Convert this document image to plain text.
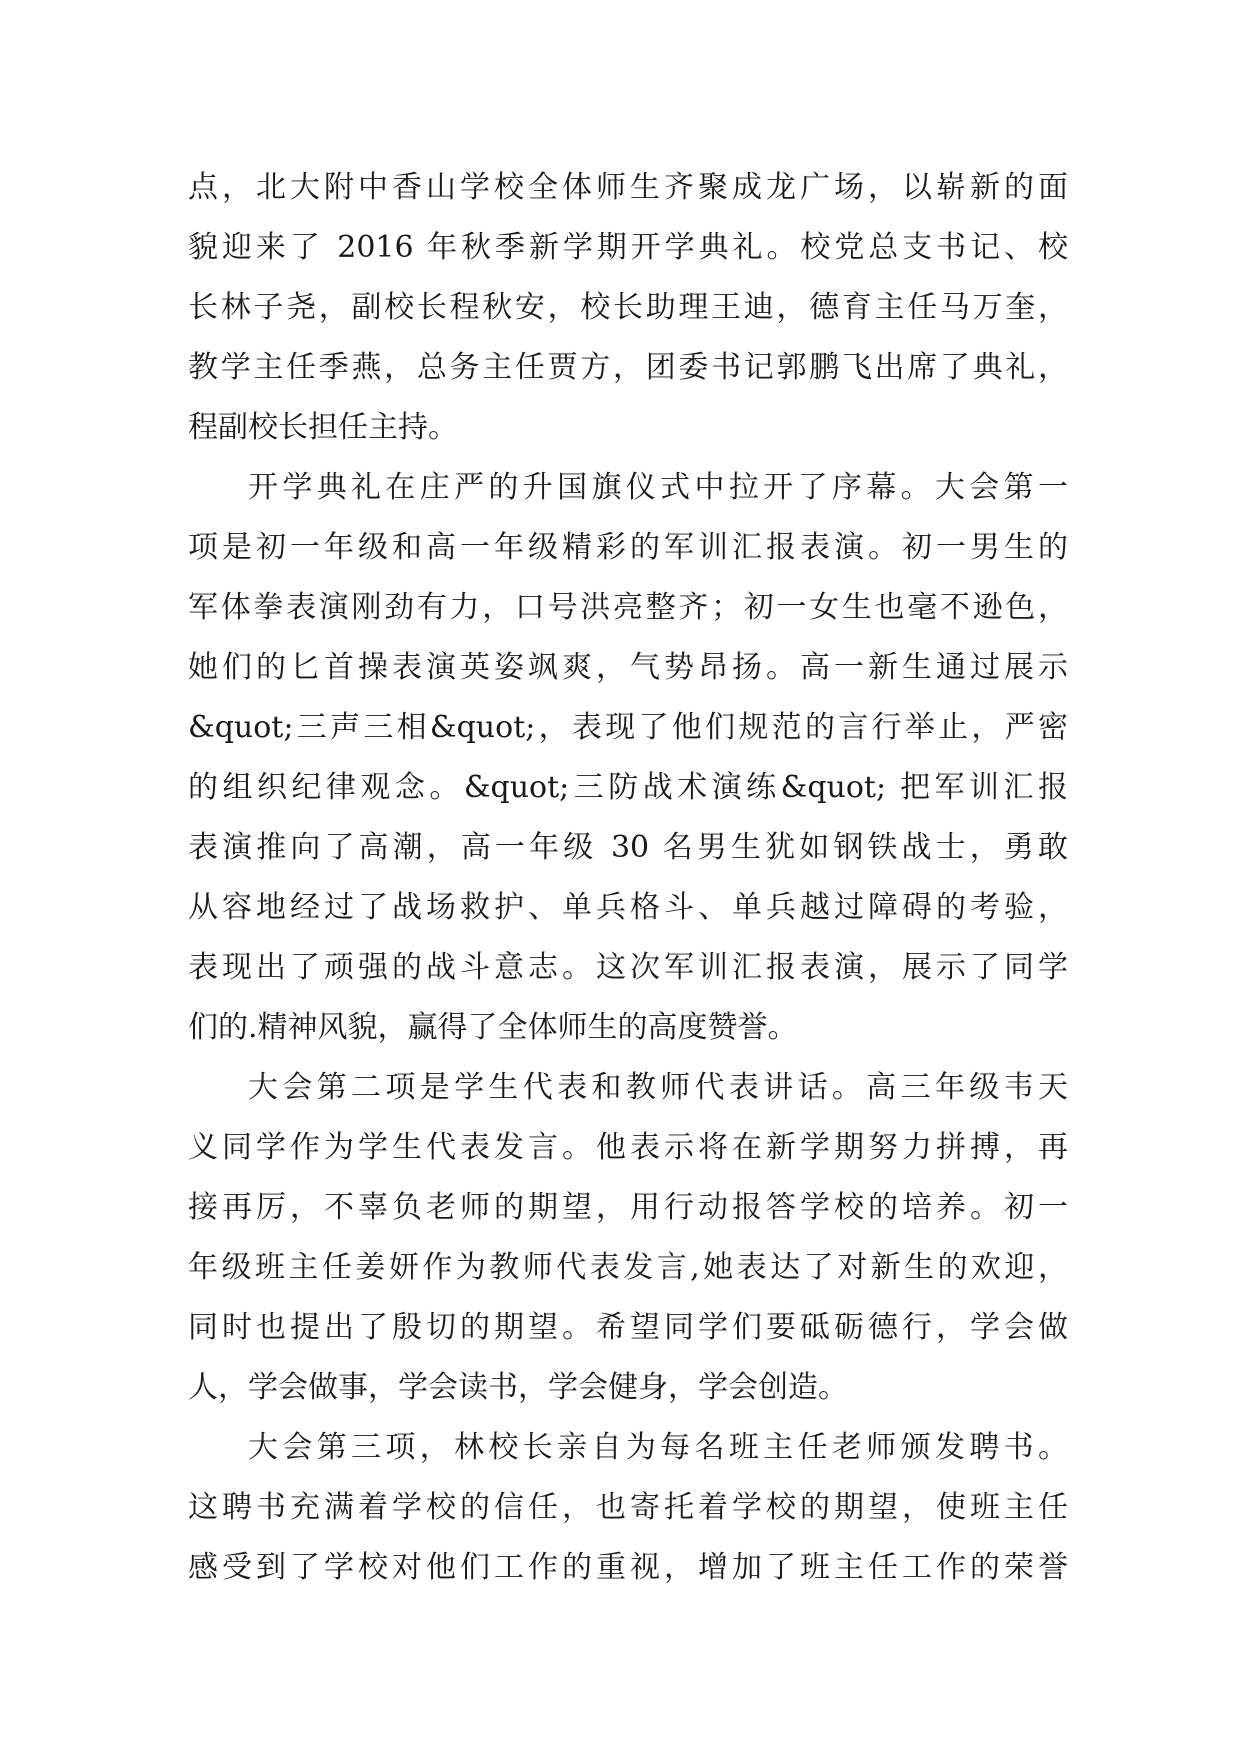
点，北大附中香山学校全体师生齐聚成龙广场，以崭新的面
貌迎来了 2016 年秋季新学期开学典礼。校党总支书记、校
长林子尧，副校长程秋安，校长助理王迪，德育主任马万奎，
教学主任季燕，总务主任贾方，团委书记郭鹏飞出席了典礼，
程副校长担任主持。
开学典礼在庄严的升国旗仪式中拉开了序幕。大会第一
项是初一年级和高一年级精彩的军训汇报表演。初一男生的
军体拳表演刚劲有力，口号洪亮整齐；初一女生也毫不逊色，
她们的匕首操表演英姿飒爽，气势昂扬。高一新生通过展示
&quot;三声三相&quot;，表现了他们规范的言行举止，严密
的组织纪律观念。&quot;三防战术演练&quot; 把军训汇报
表演推向了高潮，高一年级 30 名男生犹如钢铁战士，勇敢
从容地经过了战场救护、单兵格斗、单兵越过障碍的考验，
表现出了顽强的战斗意志。这次军训汇报表演，展示了同学
们的.精神风貌，赢得了全体师生的高度赞誉。
大会第二项是学生代表和教师代表讲话。高三年级韦天
义同学作为学生代表发言。他表示将在新学期努力拼搏，再
接再厉，不辜负老师的期望，用行动报答学校的培养。初一
年级班主任姜妍作为教师代表发言,她表达了对新生的欢迎，
同时也提出了殷切的期望。希望同学们要砥砺德行，学会做
人，学会做事，学会读书，学会健身，学会创造。
大会第三项，林校长亲自为每名班主任老师颁发聘书。
这聘书充满着学校的信任，也寄托着学校的期望，使班主任
感受到了学校对他们工作的重视，增加了班主任工作的荣誉
